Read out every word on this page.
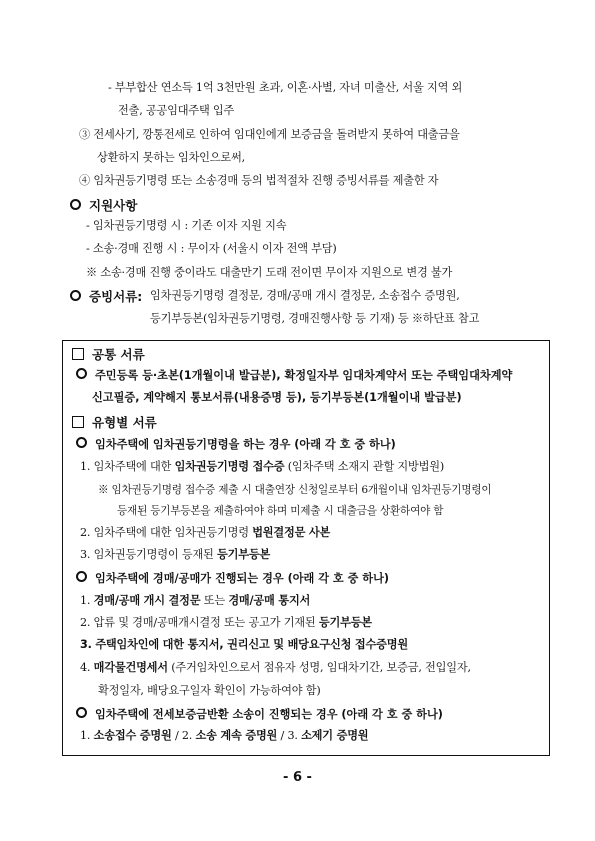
- 부부합산 연소득 1억 3천만원 초과, 이혼·사별, 자녀 미출산, 서울 지역 외
전출, 공공임대주택 입주
③ 전세사기, 깡통전세로 인하여 임대인에게 보증금을 돌려받지 못하여 대출금을
상환하지 못하는 임차인으로써,
④ 임차권등기명령 또는 소송경매 등의 법적절차 진행 증빙서류를 제출한 자
지원사항
- 임차권등기명령 시 : 기존 이자 지원 지속
- 소송·경매 진행 시 : 무이자 (서울시 이자 전액 부담)
※ 소송·경매 진행 중이라도 대출만기 도래 전이면 무이자 지원으로 변경 불가
증빙서류: 임차권등기명령 결정문, 경매/공매 개시 결정문, 소송접수 증명원,
등기부등본(임차권등기명령, 경매진행사항 등 기재) 등 ※하단표 참고
공통 서류
주민등록 등·초본(1개월이내 발급분), 확정일자부 임대차계약서 또는 주택임대차계약
신고필증, 계약해지 통보서류(내용증명 등), 등기부등본(1개월이내 발급분)
유형별 서류
임차주택에 임차권등기명령을 하는 경우 (아래 각 호 중 하나)
1. 임차주택에 대한 임차권등기명령 접수증 (임차주택 소재지 관할 지방법원)
※ 임차권등기명령 접수증 제출 시 대출연장 신청일로부터 6개월이내 임차권등기명령이
등재된 등기부등본을 제출하여야 하며 미제출 시 대출금을 상환하여야 함
2. 임차주택에 대한 임차권등기명령 법원결정문 사본
3. 임차권등기명령이 등재된 등기부등본
임차주택에 경매/공매가 진행되는 경우 (아래 각 호 중 하나)
1. 경매/공매 개시 결정문 또는 경매/공매 통지서
2. 압류 및 경매/공매개시결정 또는 공고가 기재된 등기부등본
3. 주택임차인에 대한 통지서, 권리신고 및 배당요구신청 접수증명원
4. 매각물건명세서 (주거임차인으로서 점유자 성명, 임대차기간, 보증금, 전입일자,
확정일자, 배당요구일자 확인이 가능하여야 함)
임차주택에 전세보증금반환 소송이 진행되는 경우 (아래 각 호 중 하나)
1. 소송접수 증명원 / 2. 소송 계속 증명원 / 3. 소제기 증명원
- 6 -
